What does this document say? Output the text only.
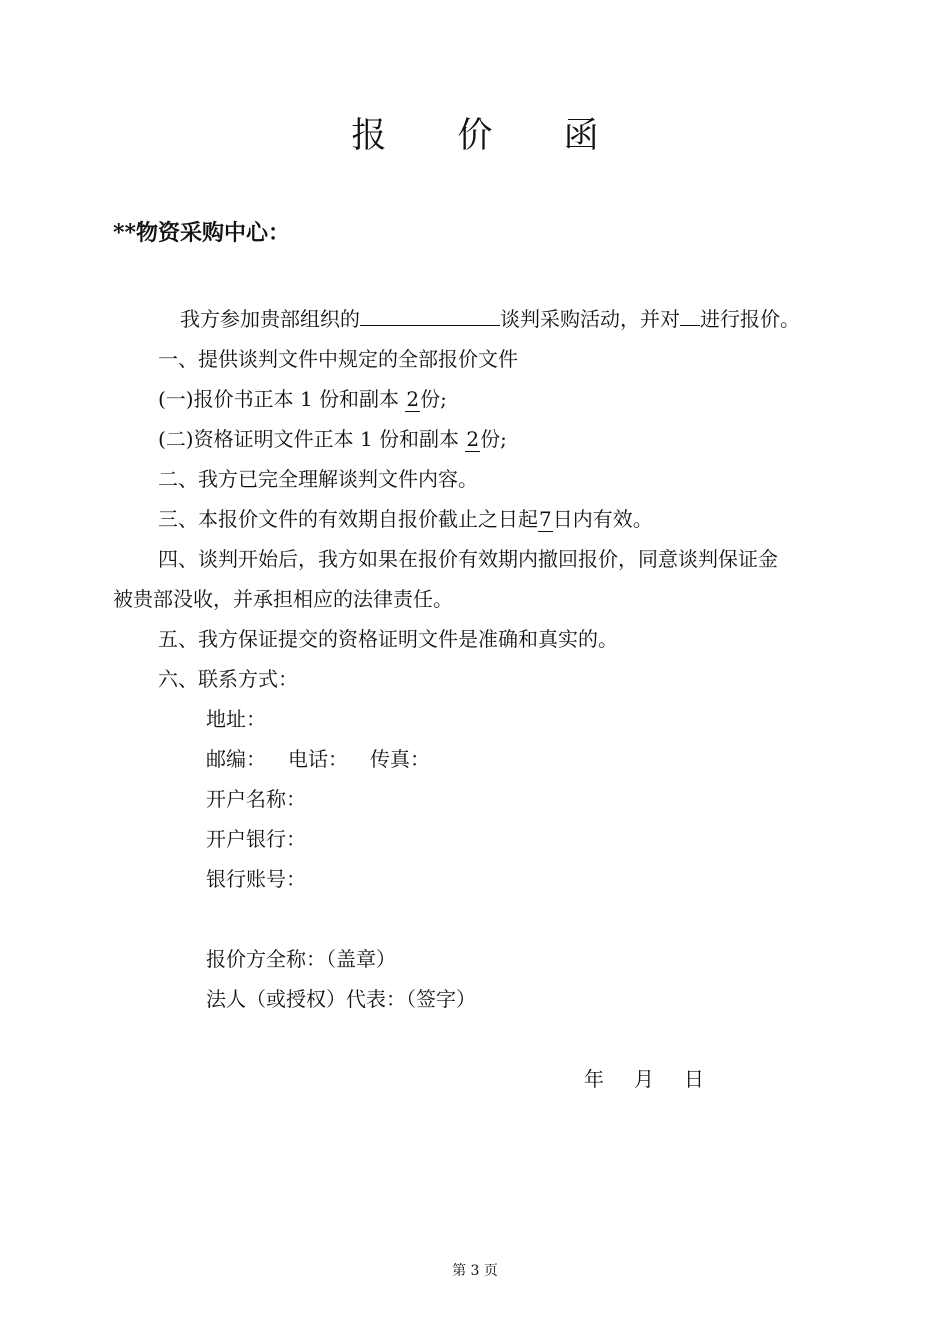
报 价 函
**物资采购中心：
我方参加贵部组织的	谈判采购活动，并对 进行报价。
一、提供谈判文件中规定的全部报价文件
(一)报价书正本 1 份和副本 2份;
(二)资格证明文件正本 1 份和副本 2份;
二、我方已完全理解谈判文件内容。
三、本报价文件的有效期自报价截止之日起7日内有效。
四、谈判开始后，我方如果在报价有效期内撤回报价，同意谈判保证金
被贵部没收，并承担相应的法律责任。
五、我方保证提交的资格证明文件是准确和真实的。
六、联系方式：
地址：
邮编： 电话： 传真：
开户名称：
开户银行：
银行账号：
报价方全称：（盖章）
法人（或授权）代表：（签字）
年 月 日
第 3 页
